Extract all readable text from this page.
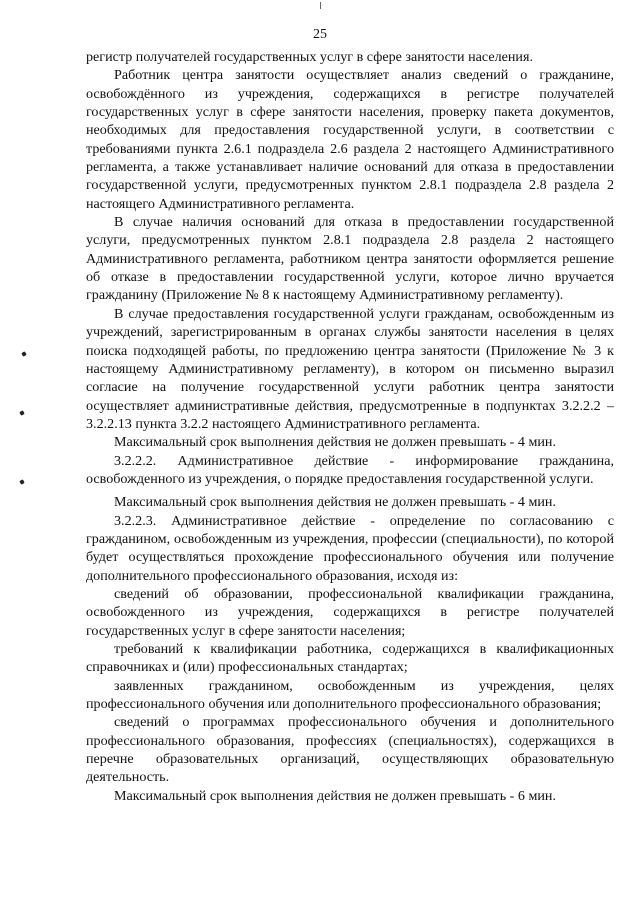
25

регистр получателей государственных услуг в сфере занятости населения.

Работник центра занятости осуществляет анализ сведений о гражданине, освобождённого из учреждения, содержащихся в регистре получателей государственных услуг в сфере занятости населения, проверку пакета документов, необходимых для предоставления государственной услуги, в соответствии с требованиями пункта 2.6.1 подраздела 2.6 раздела 2 настоящего Административного регламента, а также устанавливает наличие оснований для отказа в предоставлении государственной услуги, предусмотренных пунктом 2.8.1 подраздела 2.8 раздела 2 настоящего Административного регламента.

В случае наличия оснований для отказа в предоставлении государственной услуги, предусмотренных пунктом 2.8.1 подраздела 2.8 раздела 2 настоящего Административного регламента, работником центра занятости оформляется решение об отказе в предоставлении государственной услуги, которое лично вручается гражданину (Приложение № 8 к настоящему Административному регламенту).

В случае предоставления государственной услуги гражданам, освобожденным из учреждений, зарегистрированным в органах службы занятости населения в целях поиска подходящей работы, по предложению центра занятости (Приложение № 3 к настоящему Административному регламенту), в котором он письменно выразил согласие на получение государственной услуги работник центра занятости осуществляет административные действия, предусмотренные в подпунктах 3.2.2.2 – 3.2.2.13 пункта 3.2.2 настоящего Административного регламента.

Максимальный срок выполнения действия не должен превышать - 4 мин.

3.2.2.2. Административное действие - информирование гражданина, освобожденного из учреждения, о порядке предоставления государственной услуги.

Максимальный срок выполнения действия не должен превышать - 4 мин.

3.2.2.3. Административное действие - определение по согласованию с гражданином, освобожденным из учреждения, профессии (специальности), по которой будет осуществляться прохождение профессионального обучения или получение дополнительного профессионального образования, исходя из:

сведений об образовании, профессиональной квалификации гражданина, освобожденного из учреждения, содержащихся в регистре получателей государственных услуг в сфере занятости населения;

требований к квалификации работника, содержащихся в квалификационных справочниках и (или) профессиональных стандартах;

заявленных гражданином, освобожденным из учреждения, целях профессионального обучения или дополнительного профессионального образования;

сведений о программах профессионального обучения и дополнительного профессионального образования, профессиях (специальностях), содержащихся в перечне образовательных организаций, осуществляющих образовательную деятельность.

Максимальный срок выполнения действия не должен превышать - 6 мин.
